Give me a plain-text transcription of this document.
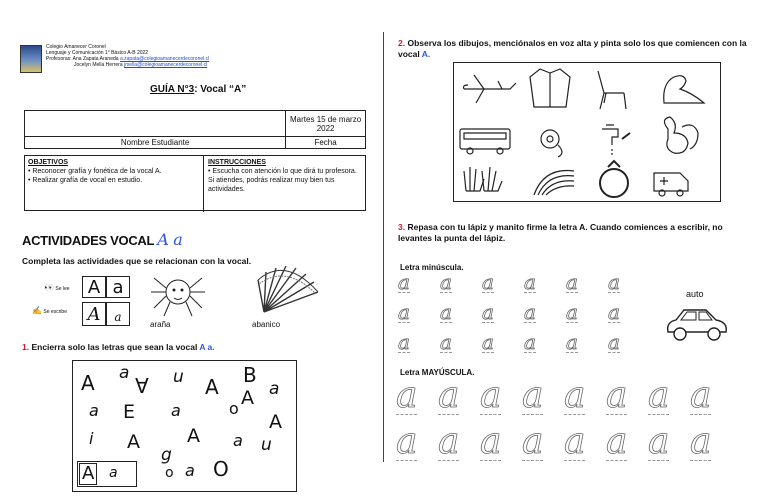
Colegio Amanecer Coronel
Lenguaje y Comunicación 1° Básico A-B 2022
Profesoras: Ana Zapata Araneda a.zapata@colegioamanecerdecoronel.cl
Jocelyn Mella Herrera jmella@colegioamanecerdecoronel.cl
GUÍA N°3: Vocal “A”
	Martes 15 de marzo 2022
Nombre Estudiante	Fecha
OBJETIVOS
• Reconocer grafía y fonética de la vocal A.
• Realizar grafía de vocal en estudio.
INSTRUCCIONES
• Escucha con atención lo que dirá tu profesora. Si atiendes, podrás realizar muy bien tus actividades.
ACTIVIDADES VOCAL A a
Completa las actividades que se relacionan con la vocal.
👀 Se lee
✍ Se escribe
A a
A	a
araña	abanico
1. Encierra solo las letras que sean la vocal A a.
A a	u A B
a
A
E
a
A
a	o
A
i A A a u
g
A a	a
o O
2. Observa los dibujos, menciónalos en voz alta y pinta solo los que comiencen con la vocal A.
3. Repasa con tu lápiz y manito firme la letra A. Cuando comiences a escribir, no levantes la punta del lápiz.
Letra minúscula.
a a a a a a
a a a a a a
a a a a a a
auto
Letra MAYÚSCULA.
a a a a a a a a
a a a a a a a a
